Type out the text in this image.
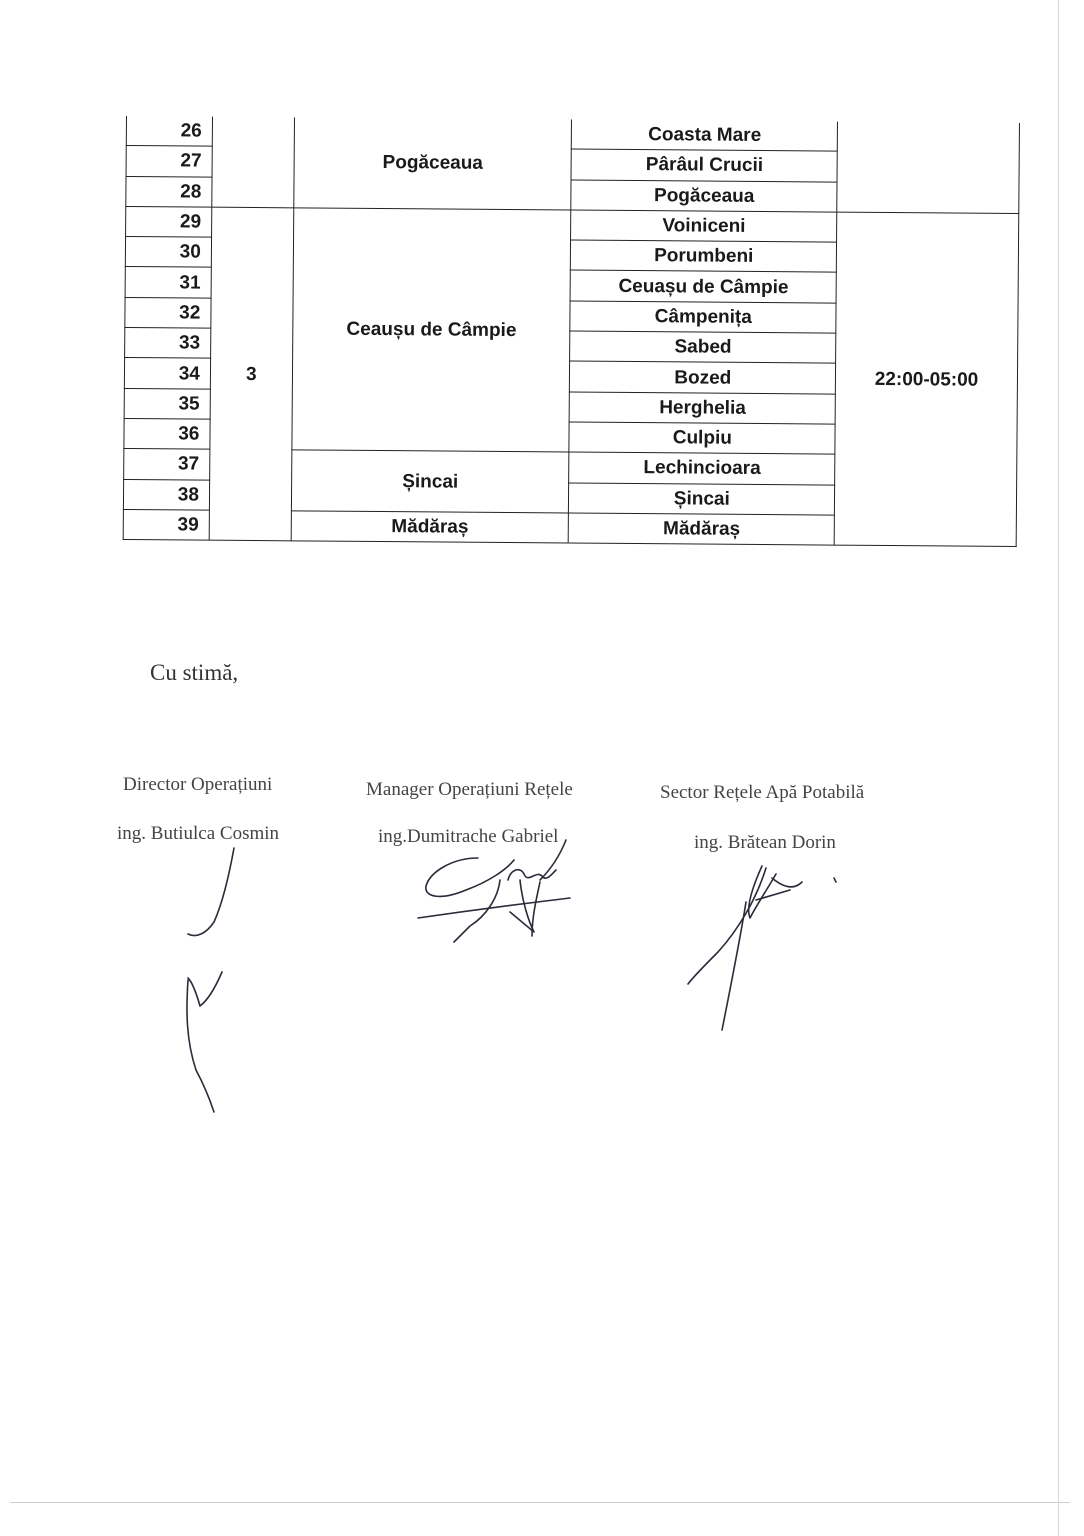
26		Pogăceaua	Coasta Mare	
27			Pârâul Crucii	
28			Pogăceaua	
29	3	Ceaușu de Câmpie	Voiniceni	22:00-05:00
30			Porumbeni	
31			Ceuașu de Câmpie	
32			Câmpenița	
33			Sabed	
34			Bozed	
35			Herghelia	
36			Culpiu	
37		Șincai	Lechincioara	
38			Șincai	
39		Mădăraș	Mădăraș	
Cu stimă,
Director Operațiuni
ing. Butiulca Cosmin
Manager Operațiuni Rețele
ing.Dumitrache Gabriel
Sector Rețele Apă Potabilă
ing. Brătean Dorin
